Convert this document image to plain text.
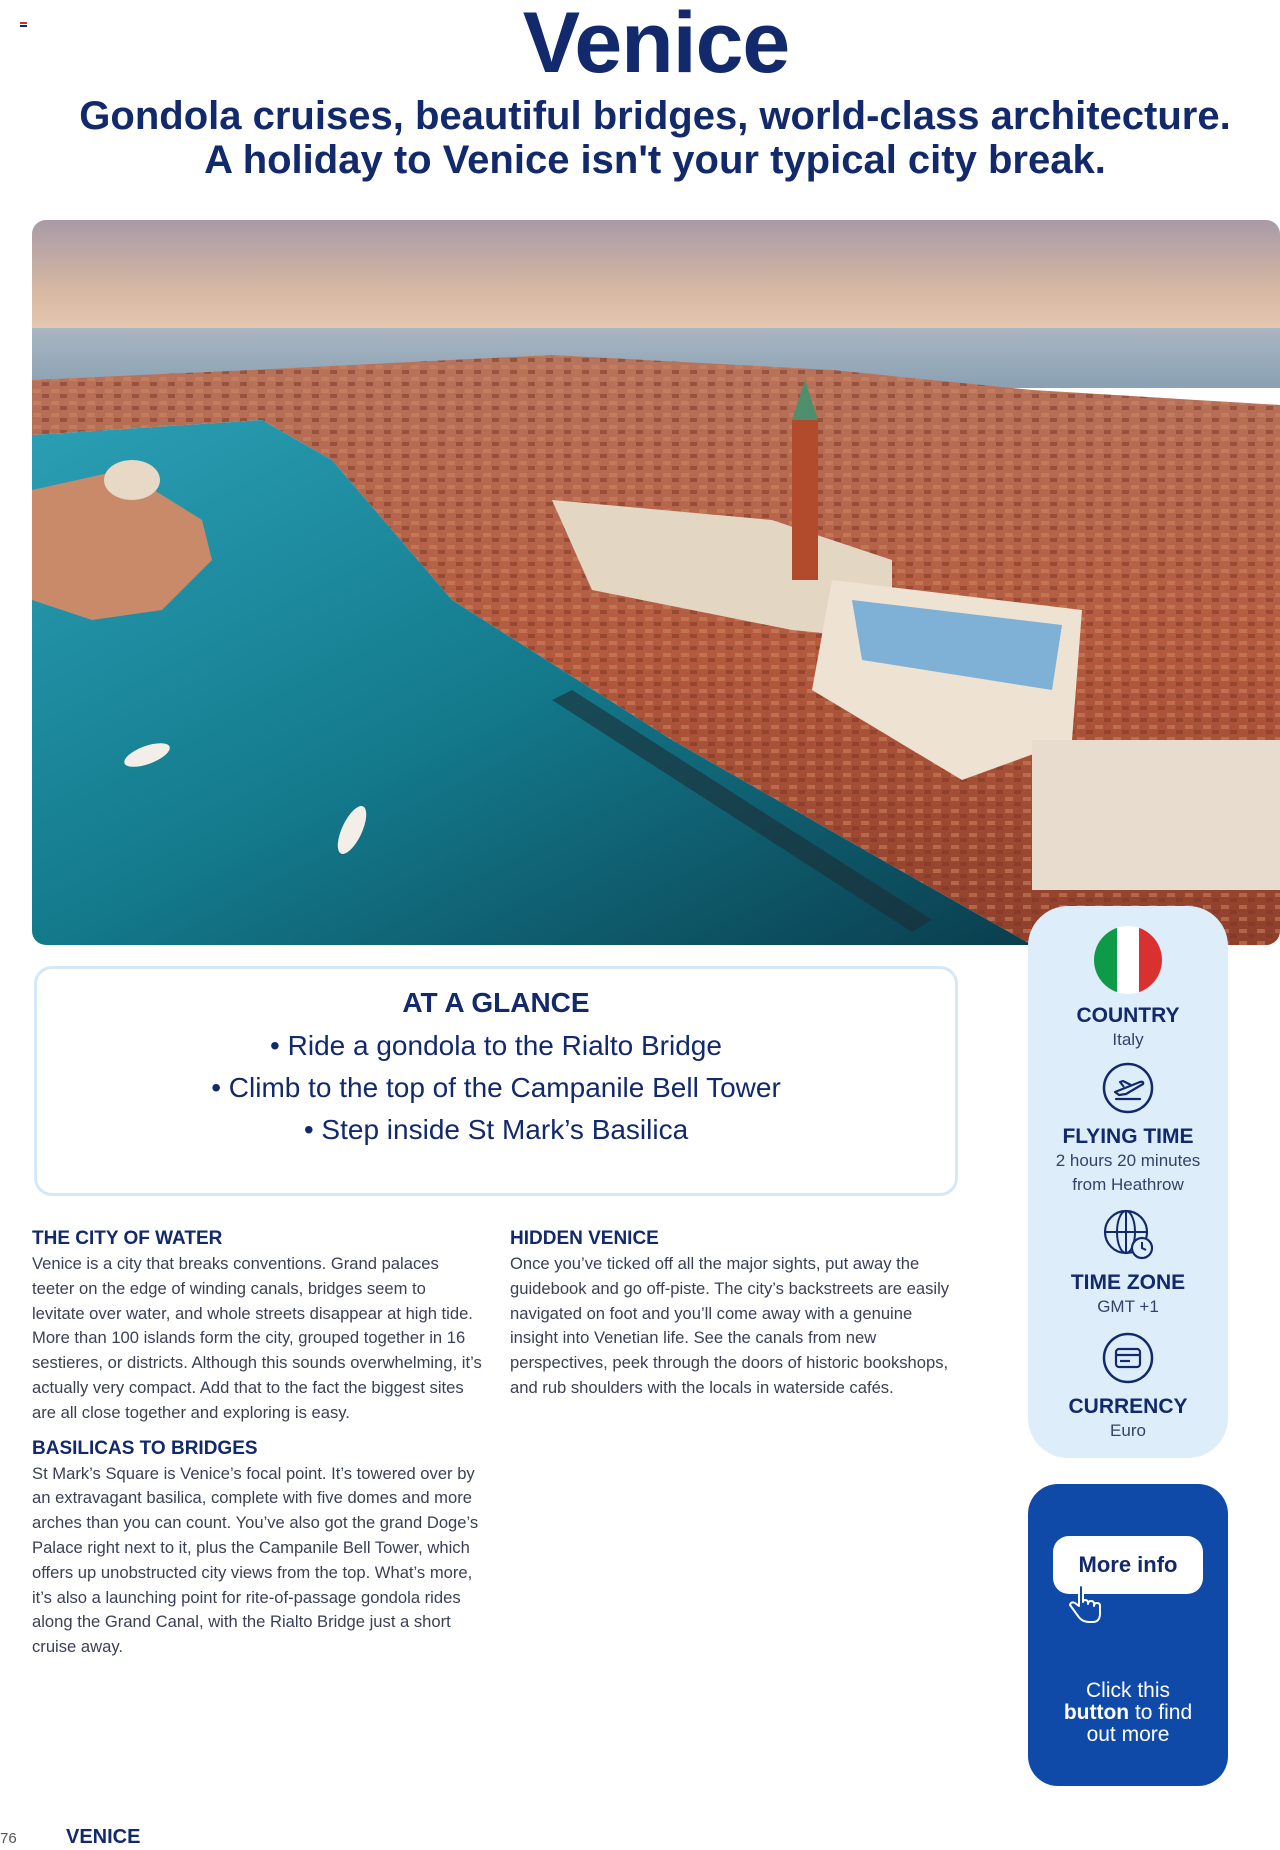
Venice
Gondola cruises, beautiful bridges, world-class architecture.
A holiday to Venice isn't your typical city break.
AT A GLANCE
• Ride a gondola to the Rialto Bridge
• Climb to the top of the Campanile Bell Tower
• Step inside St Mark’s Basilica
COUNTRY
Italy
FLYING TIME
2 hours 20 minutes
from Heathrow
TIME ZONE
GMT +1
CURRENCY
Euro
More info
Click this
button to find
out more
THE CITY OF WATER

Venice is a city that breaks conventions. Grand palaces teeter on the edge of winding canals, bridges seem to levitate over water, and whole streets disappear at high tide. More than 100 islands form the city, grouped together in 16 sestieres, or districts. Although this sounds overwhelming, it’s actually very compact. Add that to the fact the biggest sites are all close together and exploring is easy.

BASILICAS TO BRIDGES

St Mark’s Square is Venice’s focal point. It’s towered over by an extravagant basilica, complete with five domes and more arches than you can count. You’ve also got the grand Doge’s Palace right next to it, plus the Campanile Bell Tower, which offers up unobstructed city views from the top. What’s more, it’s also a launching point for rite-of-passage gondola rides along the Grand Canal, with the Rialto Bridge just a short cruise away.

HIDDEN VENICE

Once you’ve ticked off all the major sights, put away the guidebook and go off-piste. The city’s backstreets are easily navigated on foot and you’ll come away with a genuine insight into Venetian life. See the canals from new perspectives, peek through the doors of historic bookshops, and rub shoulders with the locals in waterside cafés.

76 VENICE
